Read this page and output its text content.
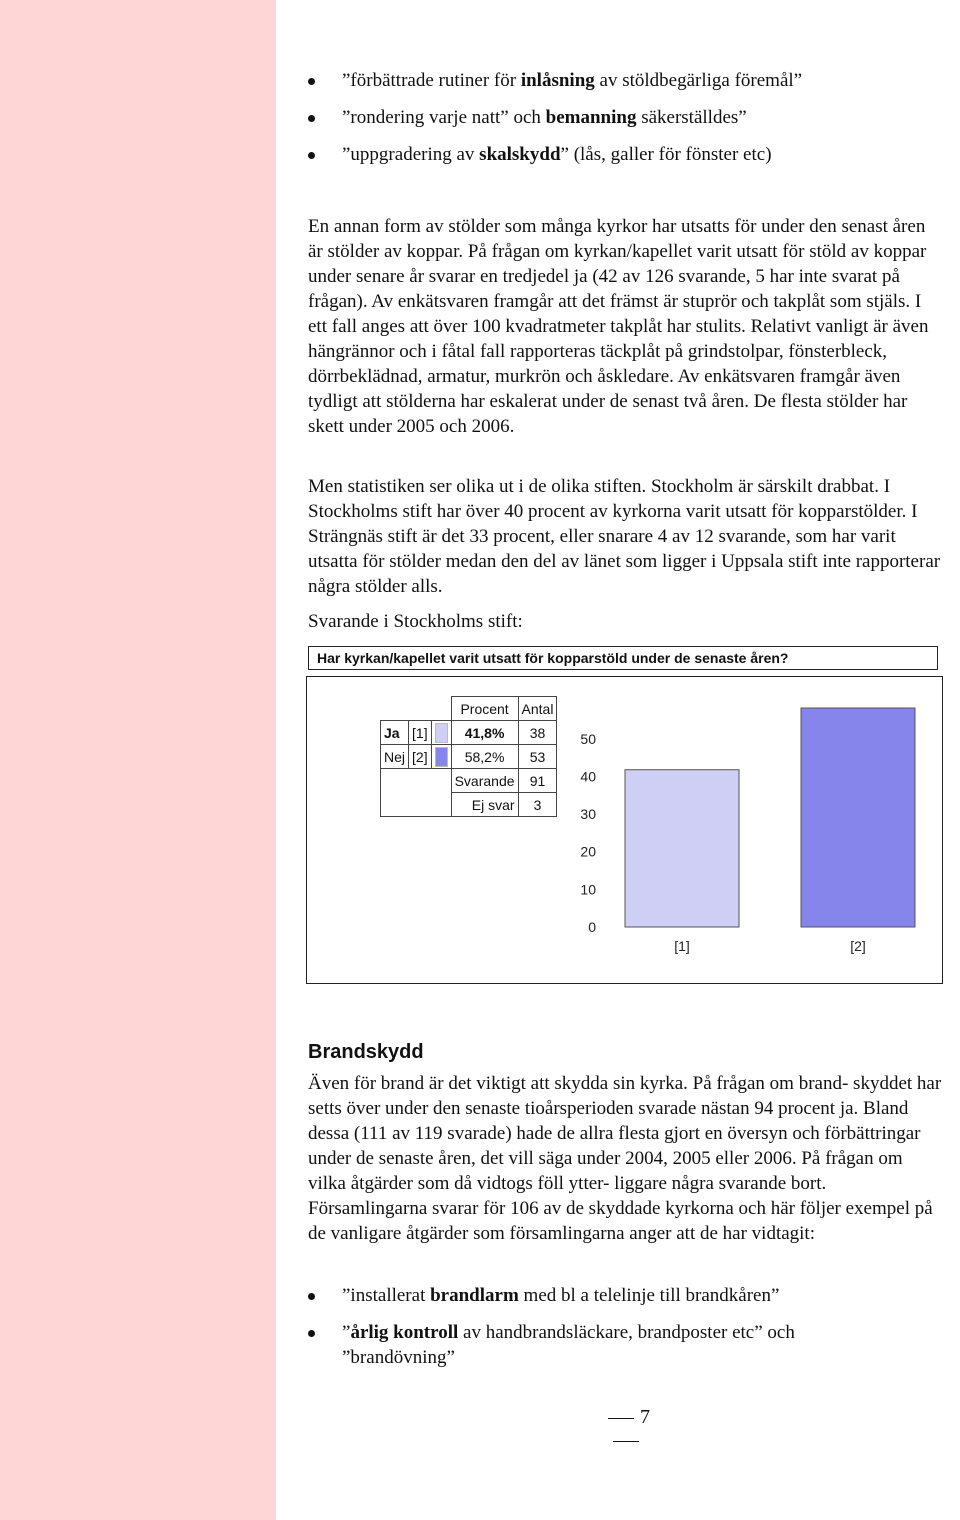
”förbättrade rutiner för inlåsning av stöldbegärliga föremål”
”rondering varje natt” och bemanning säkerställdes”
”uppgradering av skalskydd” (lås, galler för fönster etc)

En annan form av stölder som många kyrkor har utsatts för under den senast åren är stölder av koppar. På frågan om kyrkan/kapellet varit utsatt för stöld av koppar under senare år svarar en tredjedel ja (42 av 126 svarande, 5 har inte svarat på frågan). Av enkätsvaren framgår att det främst är stuprör och takplåt som stjäls. I ett fall anges att över 100 kvadratmeter takplåt har stulits. Relativt vanligt är även hängrännor och i fåtal fall rapporteras täckplåt på grindstolpar, fönsterbleck, dörrbeklädnad, armatur, murkrön och åskledare. Av enkätsvaren framgår även tydligt att stölderna har eskalerat under de senast två åren. De flesta stölder har skett under 2005 och 2006.

Men statistiken ser olika ut i de olika stiften. Stockholm är särskilt drabbat. I Stockholms stift har över 40 procent av kyrkorna varit utsatt för kopparstölder. I Strängnäs stift är det 33 procent, eller snarare 4 av 12 svarande, som har varit utsatta för stölder medan den del av länet som ligger i Uppsala stift inte rapporterar några stölder alls.

Svarande i Stockholms stift:

Har kyrkan/kapellet varit utsatt för kopparstöld under de senaste åren?
			Procent	Antal
Ja	[1]		41,8%	38
Nej	[2]		58,2%	53
			Svarande	91
			Ej svar	3
0
10
20
30
40
50
[1]	[2]
Brandskydd

Även för brand är det viktigt att skydda sin kyrka. På frågan om brand- skyddet har setts över under den senaste tioårsperioden svarade nästan 94 procent ja. Bland dessa (111 av 119 svarade) hade de allra flesta gjort en översyn och förbättringar under de senaste åren, det vill säga under 2004, 2005 eller 2006. På frågan om vilka åtgärder som då vidtogs föll ytter- liggare några svarande bort. Församlingarna svarar för 106 av de skyddade kyrkorna och här följer exempel på de vanligare åtgärder som församlingarna anger att de har vidtagit:

”installerat brandlarm med bl a telelinje till brandkåren”
”årlig kontroll av handbrandsläckare, brandposter etc” och ”brandövning”
7
